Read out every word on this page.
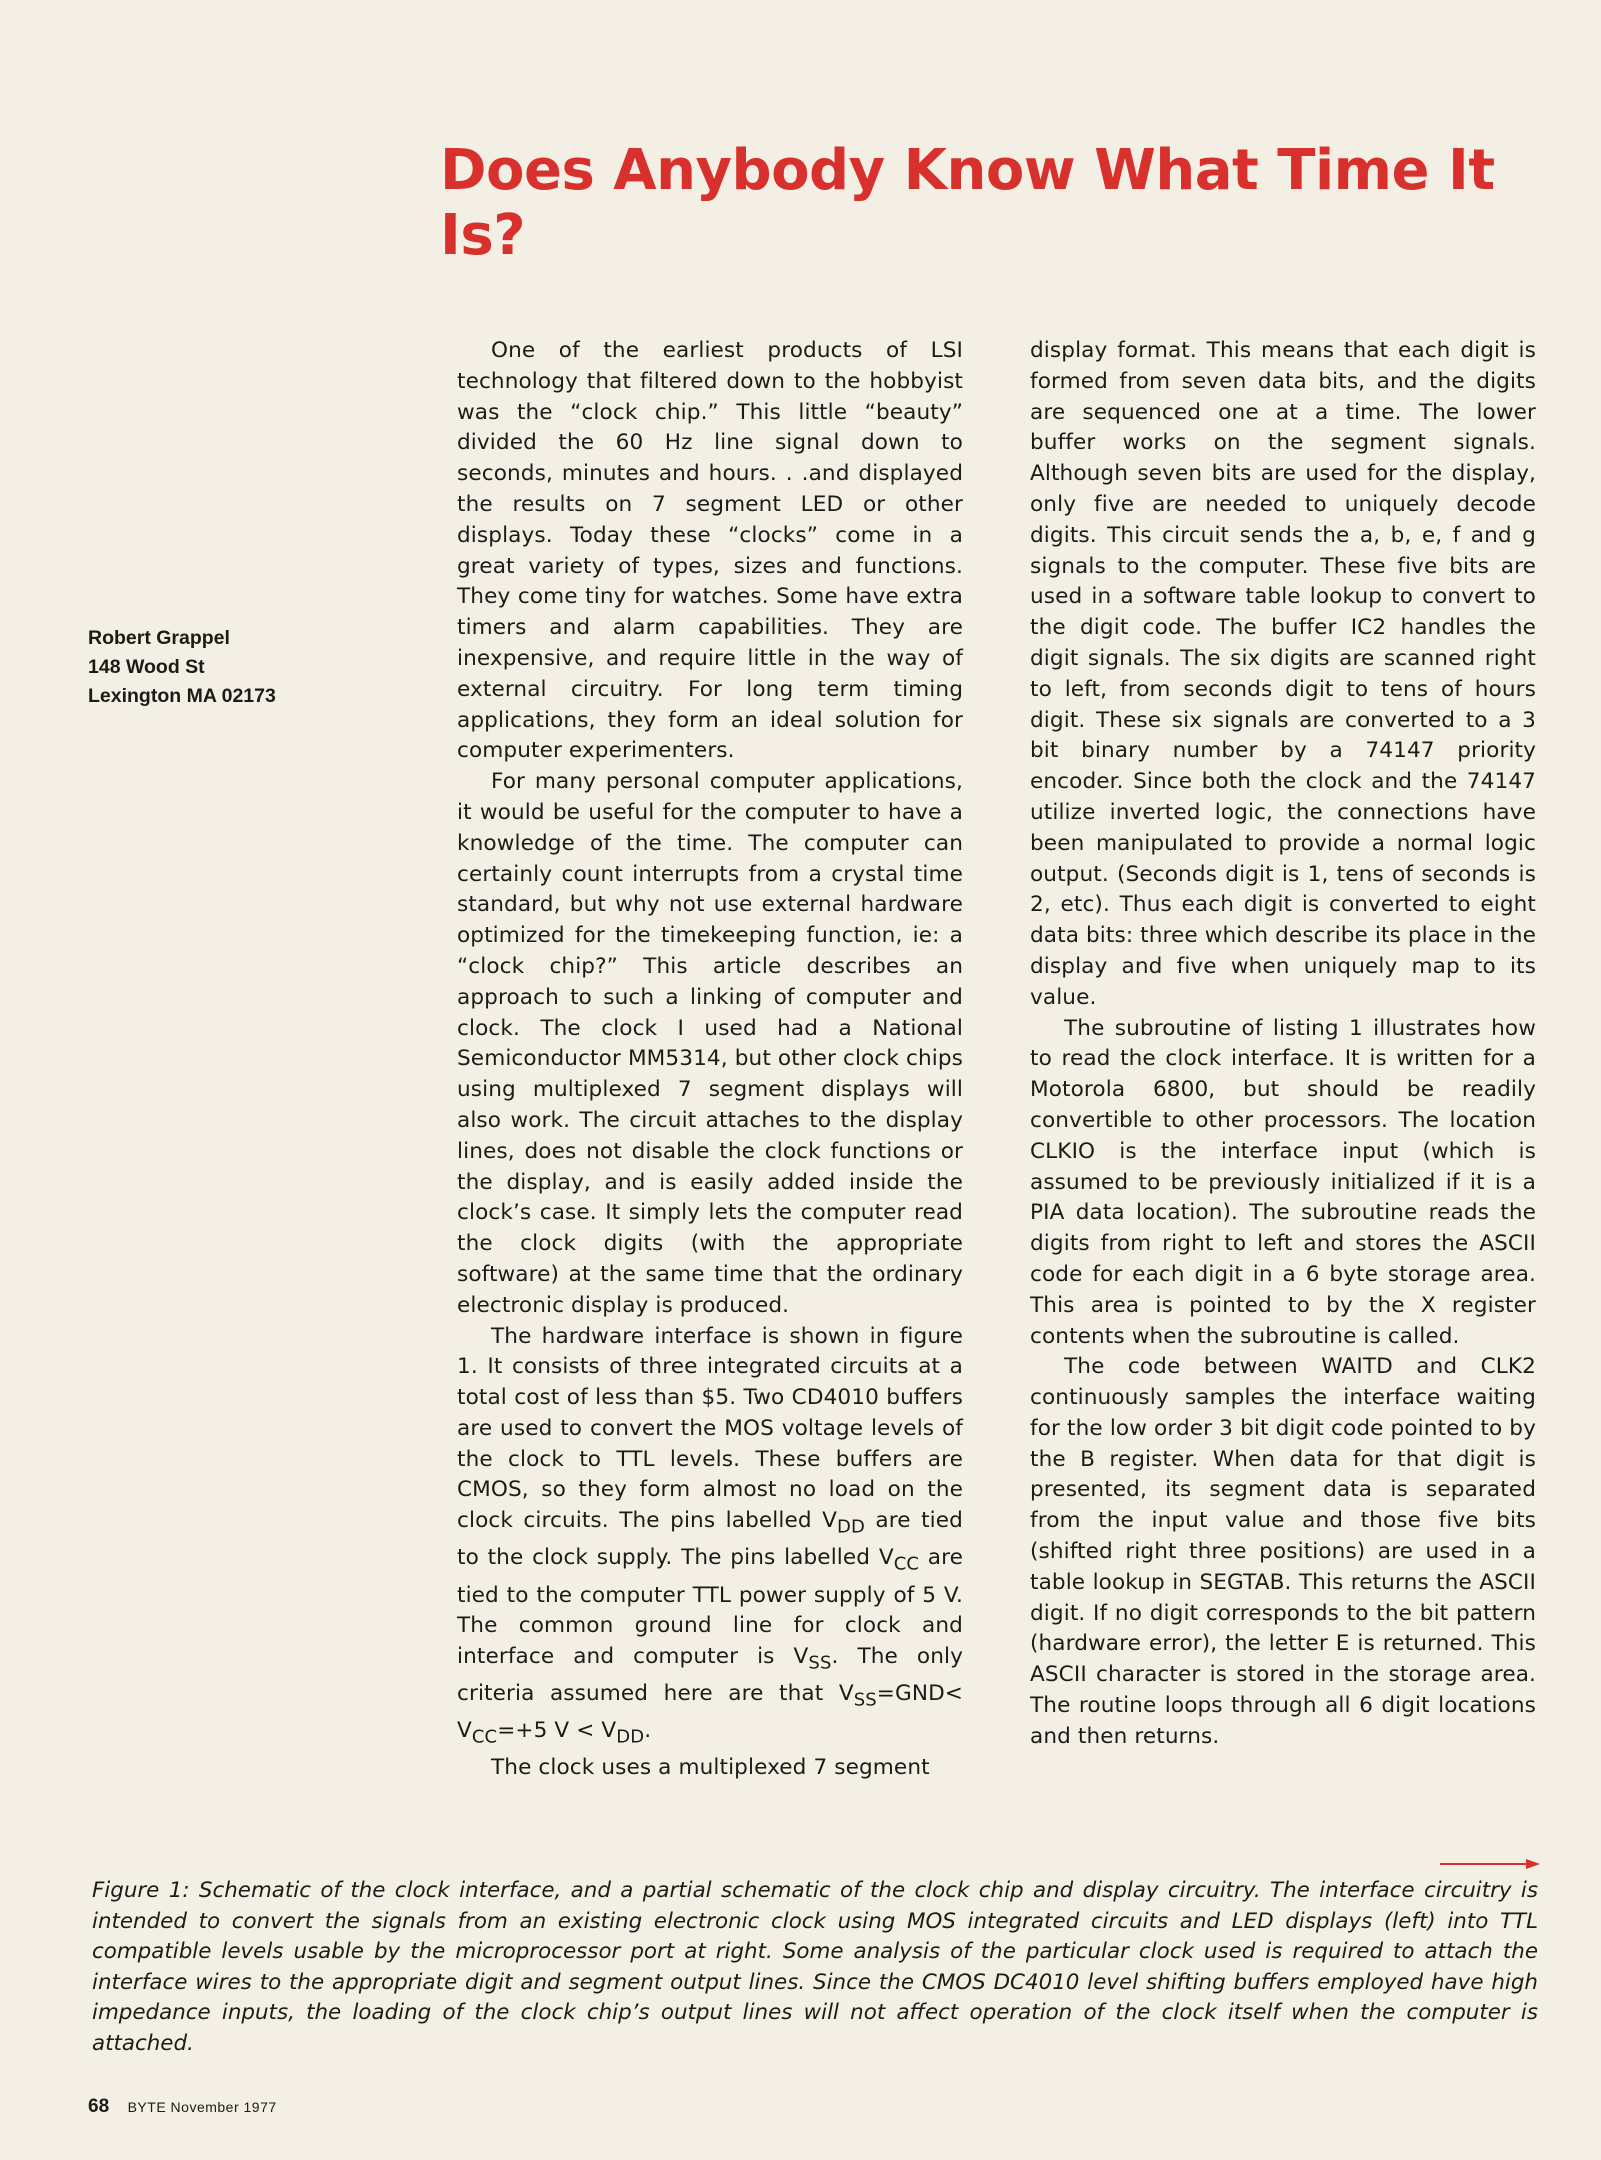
Does Anybody Know What Time It Is?
Robert Grappel
148 Wood St
Lexington MA 02173

One of the earliest products of LSI technology that filtered down to the hobbyist was the “clock chip.” This little “beauty” divided the 60 Hz line signal down to seconds, minutes and hours. . .and displayed the results on 7 segment LED or other displays. Today these “clocks” come in a great variety of types, sizes and functions. They come tiny for watches. Some have extra timers and alarm capabilities. They are inexpensive, and require little in the way of external circuitry. For long term timing applications, they form an ideal solution for computer experimenters.

For many personal computer applications, it would be useful for the computer to have a knowledge of the time. The computer can certainly count interrupts from a crystal time standard, but why not use external hardware optimized for the timekeeping function, ie: a “clock chip?” This article describes an approach to such a linking of computer and clock. The clock I used had a National Semiconductor MM5314, but other clock chips using multiplexed 7 segment displays will also work. The circuit attaches to the display lines, does not disable the clock functions or the display, and is easily added inside the clock’s case. It simply lets the computer read the clock digits (with the appropriate software) at the same time that the ordinary electronic display is produced.

The hardware interface is shown in figure 1. It consists of three integrated circuits at a total cost of less than $5. Two CD4010 buffers are used to convert the MOS voltage levels of the clock to TTL levels. These buffers are CMOS, so they form almost no load on the clock circuits. The pins labelled $V_{DD}$ are tied to the clock supply. The pins labelled $V_{CC}$ are tied to the computer TTL power supply of 5 V. The common ground line for clock and interface and computer is $V_{SS}$. The only criteria assumed here are that $V_{SS}=GND< V_{CC}=+5$ $V < V_{DD}$.

The clock uses a multiplexed 7 segment

display format. This means that each digit is formed from seven data bits, and the digits are sequenced one at a time. The lower buffer works on the segment signals. Although seven bits are used for the display, only five are needed to uniquely decode digits. This circuit sends the a, b, e, f and g signals to the computer. These five bits are used in a software table lookup to convert to the digit code. The buffer IC2 handles the digit signals. The six digits are scanned right to left, from seconds digit to tens of hours digit. These six signals are converted to a 3 bit binary number by a 74147 priority encoder. Since both the clock and the 74147 utilize inverted logic, the connections have been manipulated to provide a normal logic output. (Seconds digit is 1, tens of seconds is 2, etc). Thus each digit is converted to eight data bits: three which describe its place in the display and five when uniquely map to its value.

The subroutine of listing 1 illustrates how to read the clock interface. It is written for a Motorola 6800, but should be readily convertible to other processors. The location CLKIO is the interface input (which is assumed to be previously initialized if it is a PIA data location). The subroutine reads the digits from right to left and stores the ASCII code for each digit in a 6 byte storage area. This area is pointed to by the X register contents when the subroutine is called.

The code between WAITD and CLK2 continuously samples the interface waiting for the low order 3 bit digit code pointed to by the B register. When data for that digit is presented, its segment data is separated from the input value and those five bits (shifted right three positions) are used in a table lookup in SEGTAB. This returns the ASCII digit. If no digit corresponds to the bit pattern (hardware error), the letter E is returned. This ASCII character is stored in the storage area. The routine loops through all 6 digit locations and then returns.

Figure 1: Schematic of the clock interface, and a partial schematic of the clock chip and display circuitry. The interface circuitry is intended to convert the signals from an existing electronic clock using MOS integrated circuits and LED displays (left) into TTL compatible levels usable by the microprocessor port at right. Some analysis of the particular clock used is required to attach the interface wires to the appropriate digit and segment output lines. Since the CMOS DC4010 level shifting buffers employed have high impedance inputs, the loading of the clock chip’s output lines will not affect operation of the clock itself when the computer is attached.

68 BYTE November 1977
